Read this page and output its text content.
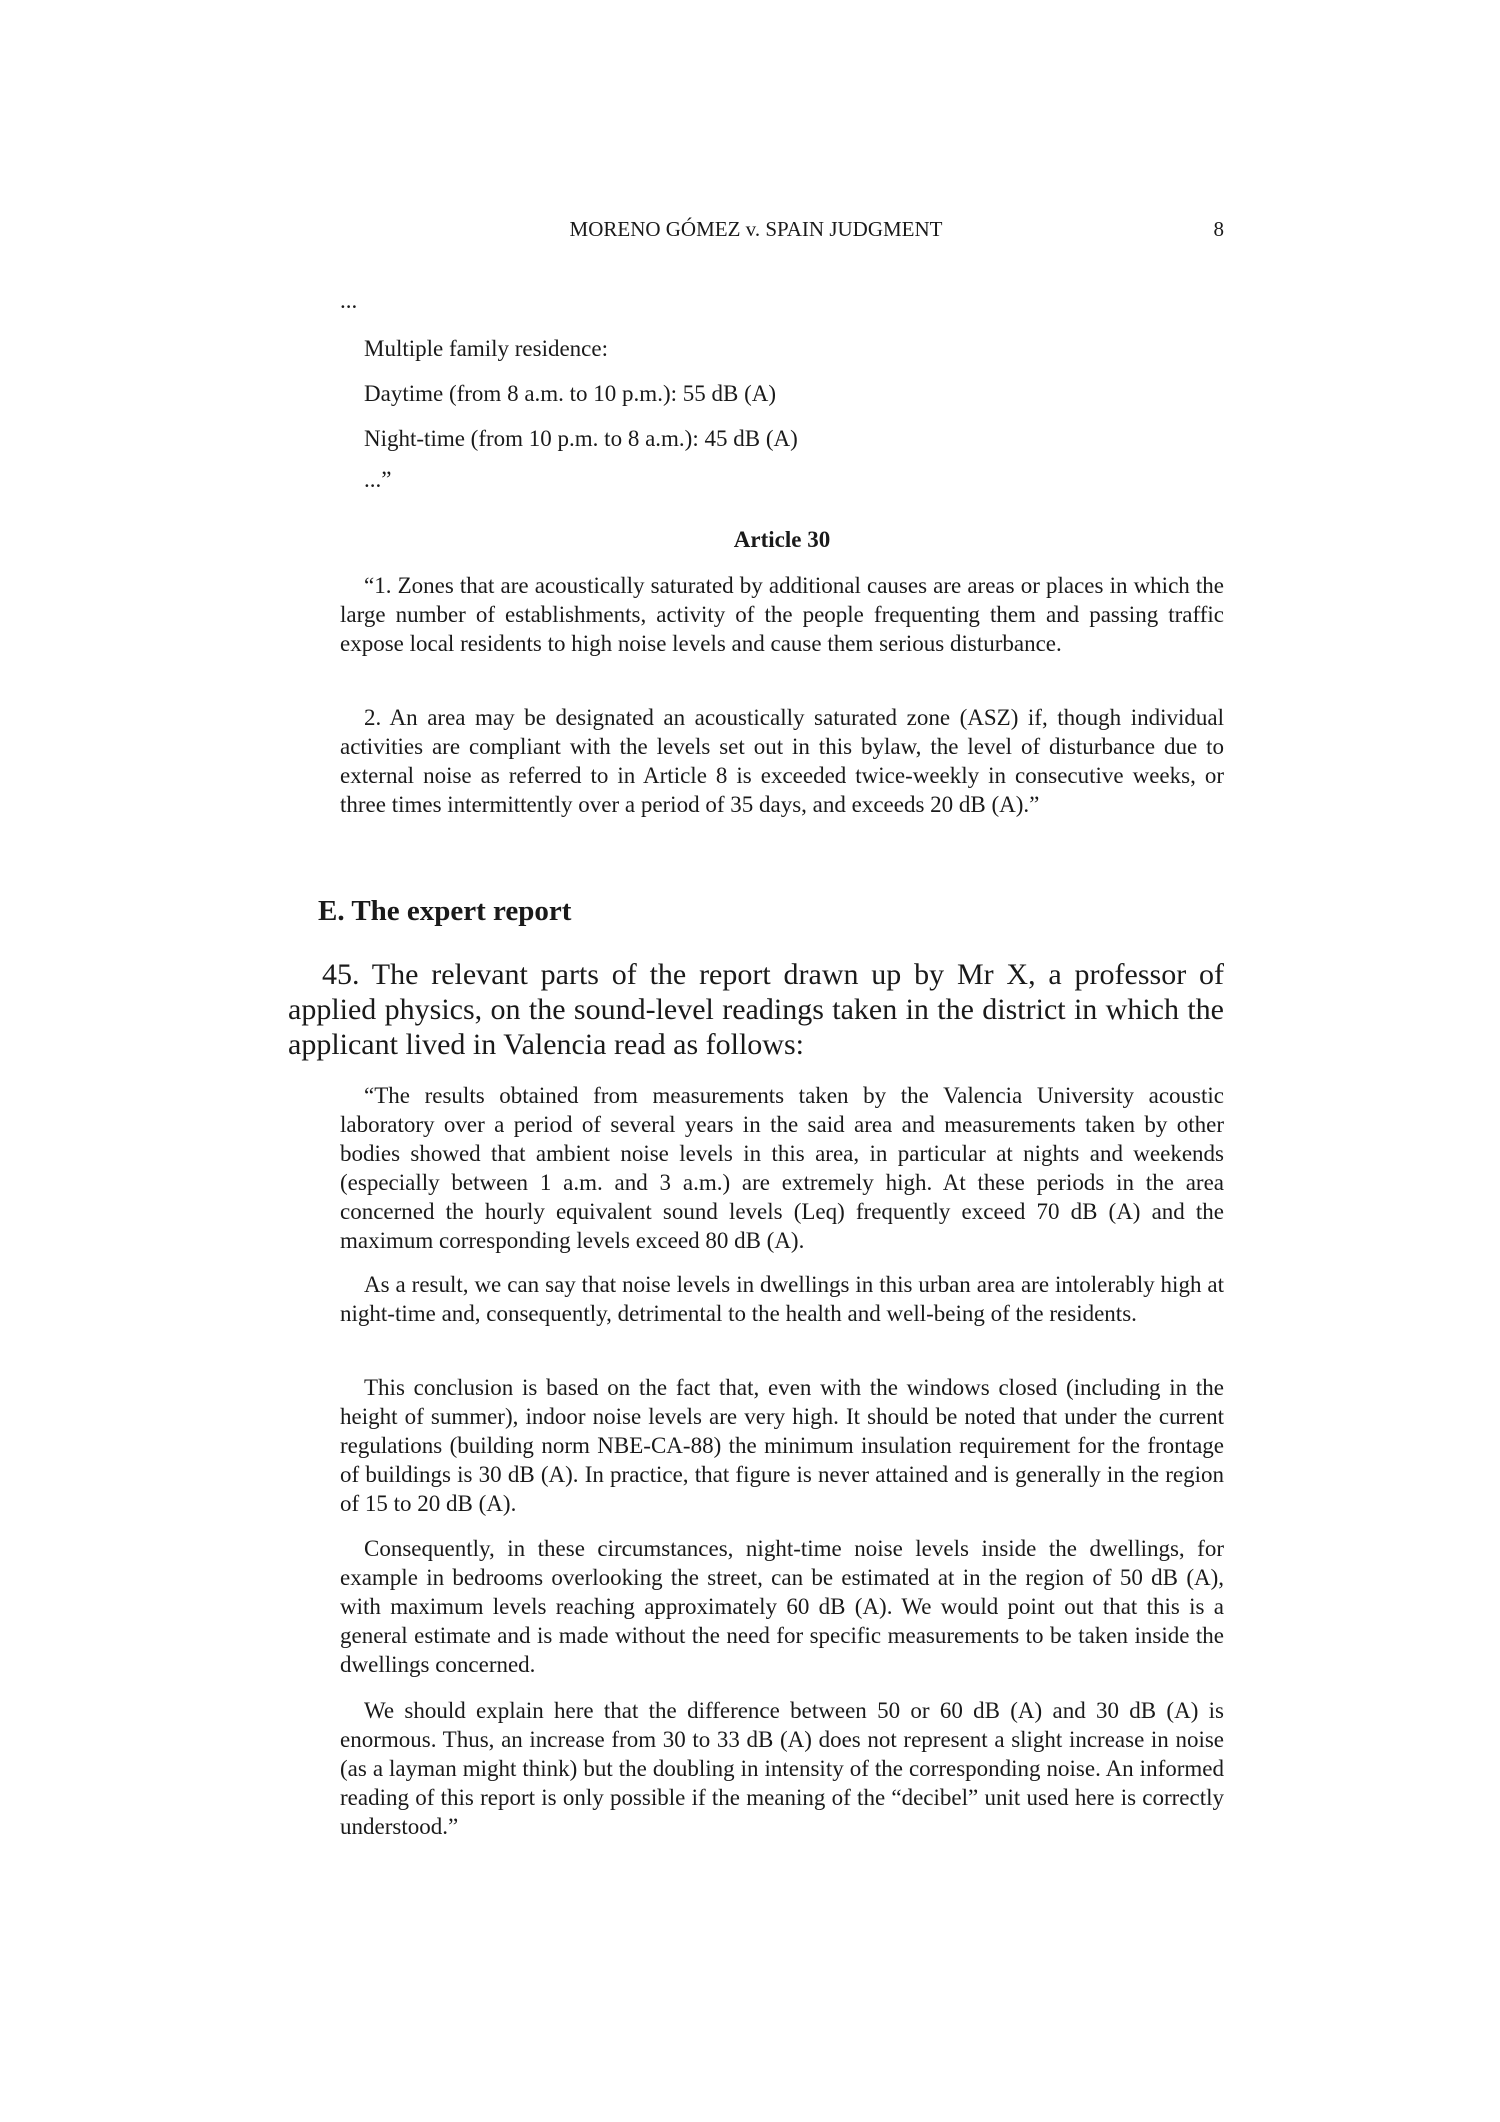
MORENO GÓMEZ v. SPAIN JUDGMENT	8

...

Multiple family residence:

Daytime (from 8 a.m. to 10 p.m.): 55 dB (A)

Night-time (from 10 p.m. to 8 a.m.): 45 dB (A)

...”

Article 30

“1. Zones that are acoustically saturated by additional causes are areas or places in which the large number of establishments, activity of the people frequenting them and passing traffic expose local residents to high noise levels and cause them serious disturbance.

2. An area may be designated an acoustically saturated zone (ASZ) if, though individual activities are compliant with the levels set out in this bylaw, the level of disturbance due to external noise as referred to in Article 8 is exceeded twice-weekly in consecutive weeks, or three times intermittently over a period of 35 days, and exceeds 20 dB (A).”

E. The expert report

45. The relevant parts of the report drawn up by Mr X, a professor of applied physics, on the sound-level readings taken in the district in which the applicant lived in Valencia read as follows:

“The results obtained from measurements taken by the Valencia University acoustic laboratory over a period of several years in the said area and measurements taken by other bodies showed that ambient noise levels in this area, in particular at nights and weekends (especially between 1 a.m. and 3 a.m.) are extremely high. At these periods in the area concerned the hourly equivalent sound levels (Leq) frequently exceed 70 dB (A) and the maximum corresponding levels exceed 80 dB (A).

As a result, we can say that noise levels in dwellings in this urban area are intolerably high at night-time and, consequently, detrimental to the health and well-being of the residents.

This conclusion is based on the fact that, even with the windows closed (including in the height of summer), indoor noise levels are very high. It should be noted that under the current regulations (building norm NBE-CA-88) the minimum insulation requirement for the frontage of buildings is 30 dB (A). In practice, that figure is never attained and is generally in the region of 15 to 20 dB (A).

Consequently, in these circumstances, night-time noise levels inside the dwellings, for example in bedrooms overlooking the street, can be estimated at in the region of 50 dB (A), with maximum levels reaching approximately 60 dB (A). We would point out that this is a general estimate and is made without the need for specific measurements to be taken inside the dwellings concerned.

We should explain here that the difference between 50 or 60 dB (A) and 30 dB (A) is enormous. Thus, an increase from 30 to 33 dB (A) does not represent a slight increase in noise (as a layman might think) but the doubling in intensity of the corresponding noise. An informed reading of this report is only possible if the meaning of the “decibel” unit used here is correctly understood.”
